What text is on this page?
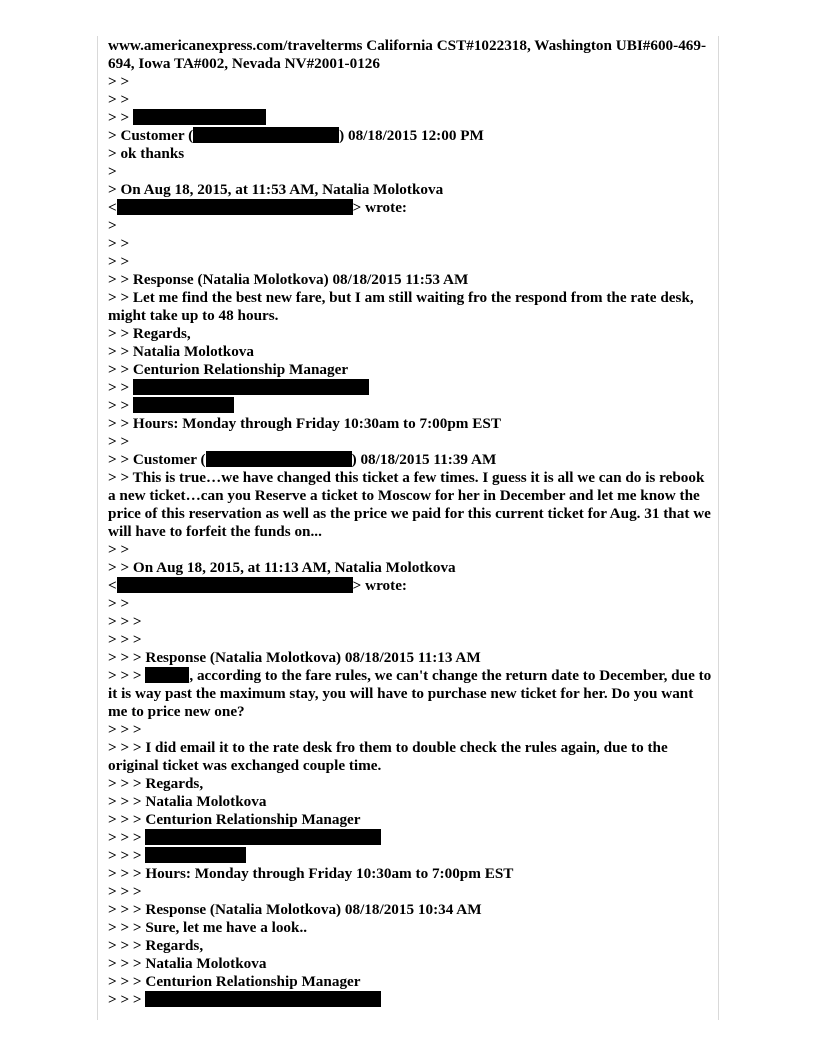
www.americanexpress.com/travelterms California CST#1022318, Washington UBI#600-469-694, Iowa TA#002, Nevada NV#2001-0126
> >
> >
> >
> Customer (	) 08/18/2015 12:00 PM
> ok thanks
>
> On Aug 18, 2015, at 11:53 AM, Natalia Molotkova
<	> wrote:
>
> >
> >
> > Response (Natalia Molotkova) 08/18/2015 11:53 AM
> > Let me find the best new fare, but I am still waiting fro the respond from the rate desk, might take up to 48 hours.
> > Regards,
> > Natalia Molotkova
> > Centurion Relationship Manager
> >
> >
> > Hours: Monday through Friday 10:30am to 7:00pm EST
> >
> > Customer (	) 08/18/2015 11:39 AM
> > This is true…we have changed this ticket a few times. I guess it is all we can do is rebook a new ticket…can you Reserve a ticket to Moscow for her in December and let me know the price of this reservation as well as the price we paid for this current ticket for Aug. 31 that we will have to forfeit the funds on...
> >
> > On Aug 18, 2015, at 11:13 AM, Natalia Molotkova
<	> wrote:
> >
> > >
> > >
> > > Response (Natalia Molotkova) 08/18/2015 11:13 AM
> > >	, according to the fare rules, we can't change the return date to December, due to it is way past the maximum stay, you will have to purchase new ticket for her. Do you want me to price new one?
> > >
> > > I did email it to the rate desk fro them to double check the rules again, due to the original ticket was exchanged couple time.
> > > Regards,
> > > Natalia Molotkova
> > > Centurion Relationship Manager
> > >
> > >
> > > Hours: Monday through Friday 10:30am to 7:00pm EST
> > >
> > > Response (Natalia Molotkova) 08/18/2015 10:34 AM
> > > Sure, let me have a look..
> > > Regards,
> > > Natalia Molotkova
> > > Centurion Relationship Manager
> > >
